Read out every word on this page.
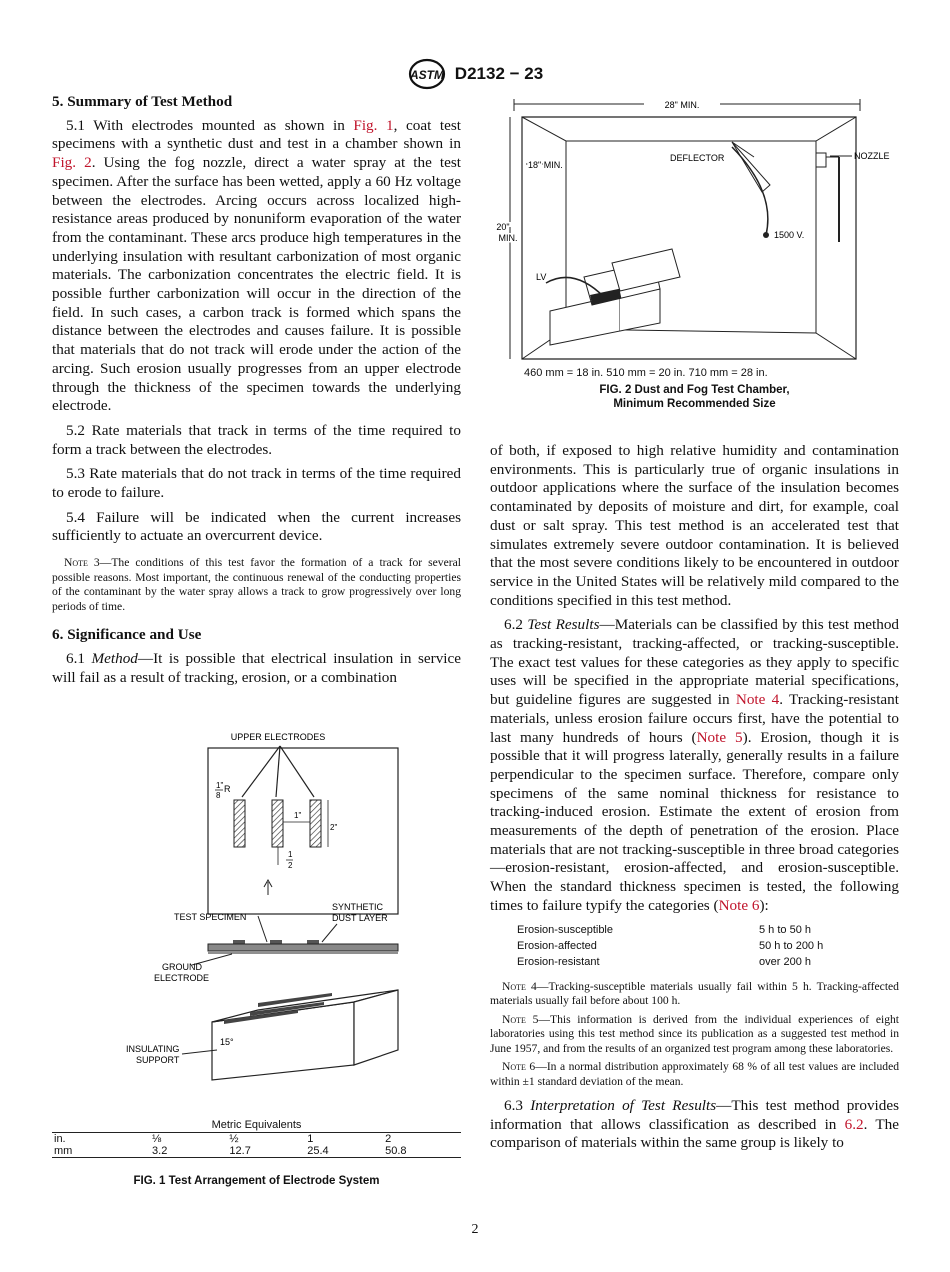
ASTM D2132 − 23
5. Summary of Test Method

5.1 With electrodes mounted as shown in Fig. 1, coat test specimens with a synthetic dust and test in a chamber shown in Fig. 2. Using the fog nozzle, direct a water spray at the test specimen. After the surface has been wetted, apply a 60 Hz voltage between the electrodes. Arcing occurs across localized high-resistance areas produced by nonuniform evaporation of the water from the contaminant. These arcs produce high temperatures in the underlying insulation with resultant carbonization of most organic materials. The carbonization concentrates the electric field. It is possible further carbonization will occur in the direction of the field. In such cases, a carbon track is formed which spans the distance between the electrodes and causes failure. It is possible that materials that do not track will erode under the action of the arcing. Such erosion usually progresses from an upper electrode through the thickness of the specimen towards the underlying electrode.

5.2 Rate materials that track in terms of the time required to form a track between the electrodes.

5.3 Rate materials that do not track in terms of the time required to erode to failure.

5.4 Failure will be indicated when the current increases sufficiently to actuate an overcurrent device.

Note 3—The conditions of this test favor the formation of a track for several possible reasons. Most important, the continuous renewal of the conducting properties of the contaminant by the water spray allows a track to grow progressively over long periods of time.
6. Significance and Use

6.1 Method—It is possible that electrical insulation in service will fail as a result of tracking, erosion, or a combination

UPPER ELECTRODES
1"
8
R
1"
2"
1
2
TEST SPECIMEN
SYNTHETIC
DUST LAYER
GROUND
ELECTRODE
15°
INSULATING
SUPPORT
Metric Equivalents
in.	⅛	½	1	2
mm	3.2	12.7	25.4	50.8
FIG. 1 Test Arrangement of Electrode System
28" MIN.
18" MIN.
20"
MIN.
DEFLECTOR	NOZZLE
1500 V.
LV
460 mm = 18 in. 510 mm = 20 in. 710 mm = 28 in.
FIG. 2 Dust and Fog Test Chamber,
Minimum Recommended Size

of both, if exposed to high relative humidity and contamination environments. This is particularly true of organic insulations in outdoor applications where the surface of the insulation becomes contaminated by deposits of moisture and dirt, for example, coal dust or salt spray. This test method is an accelerated test that simulates extremely severe outdoor contamination. It is believed that the most severe conditions likely to be encountered in outdoor service in the United States will be relatively mild compared to the conditions specified in this test method.

6.2 Test Results—Materials can be classified by this test method as tracking-resistant, tracking-affected, or tracking-susceptible. The exact test values for these categories as they apply to specific uses will be specified in the appropriate material specifications, but guideline figures are suggested in Note 4. Tracking-resistant materials, unless erosion failure occurs first, have the potential to last many hundreds of hours (Note 5). Erosion, though it is possible that it will progress laterally, generally results in a failure perpendicular to the specimen surface. Therefore, compare only specimens of the same nominal thickness for resistance to tracking-induced erosion. Estimate the extent of erosion from measurements of the depth of penetration of the erosion. Place materials that are not tracking-susceptible in three broad categories—erosion-resistant, erosion-affected, and erosion-susceptible. When the standard thickness specimen is tested, the following times to failure typify the categories (Note 6):

Erosion-susceptible	5 h to 50 h
Erosion-affected	50 h to 200 h
Erosion-resistant	over 200 h
Note 4—Tracking-susceptible materials usually fail within 5 h. Tracking-affected materials usually fail before about 100 h.
Note 5—This information is derived from the individual experiences of eight laboratories using this test method since its publication as a suggested test method in June 1957, and from the results of an organized test program among these laboratories.
Note 6—In a normal distribution approximately 68 % of all test values are included within ±1 standard deviation of the mean.

6.3 Interpretation of Test Results—This test method provides information that allows classification as described in 6.2. The comparison of materials within the same group is likely to

2
